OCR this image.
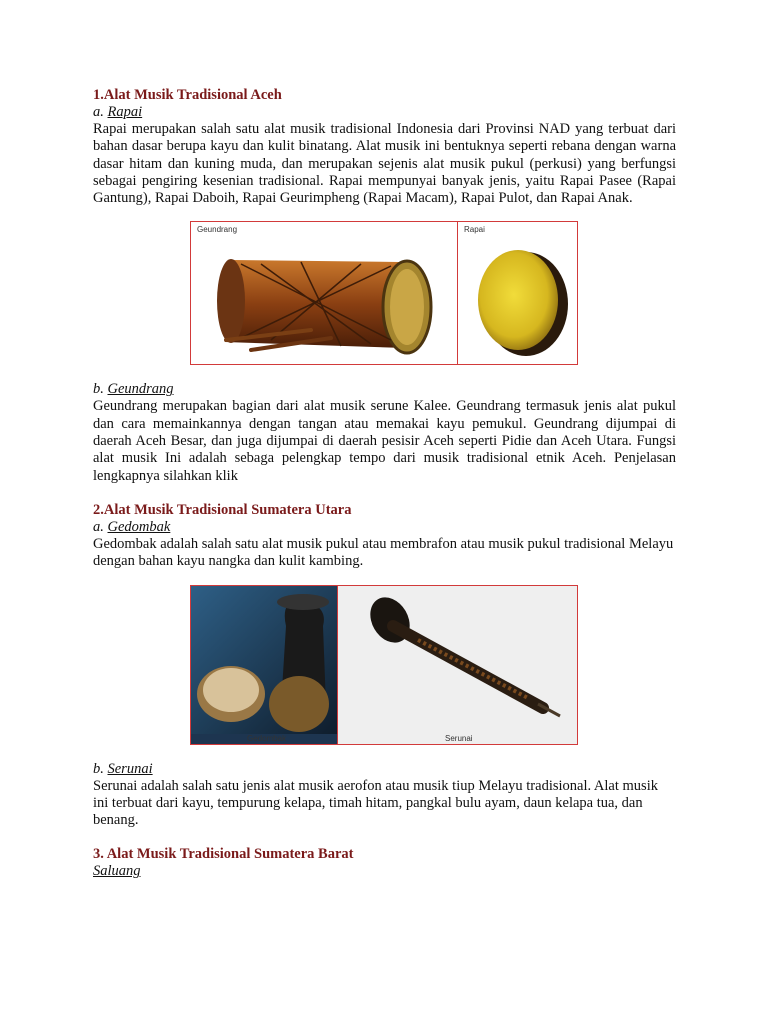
1.Alat Musik Tradisional Aceh

a. Rapai

Rapai merupakan salah satu alat musik tradisional Indonesia dari Provinsi NAD yang terbuat dari bahan dasar berupa kayu dan kulit binatang. Alat musik ini bentuknya seperti rebana dengan warna dasar hitam dan kuning muda, dan merupakan sejenis alat musik pukul (perkusi) yang berfungsi sebagai pengiring kesenian tradisional. Rapai mempunyai banyak jenis, yaitu Rapai Pasee (Rapai Gantung), Rapai Daboih, Rapai Geurimpheng (Rapai Macam), Rapai Pulot, dan Rapai Anak.

Geundrang	Rapai

b. Geundrang

Geundrang merupakan bagian dari alat musik serune Kalee. Geundrang termasuk jenis alat pukul dan cara memainkannya dengan tangan atau memakai kayu pemukul. Geundrang dijumpai di daerah Aceh Besar, dan juga dijumpai di daerah pesisir Aceh seperti Pidie dan Aceh Utara. Fungsi alat musik Ini adalah sebaga pelengkap tempo dari musik tradisional etnik Aceh. Penjelasan lengkapnya silahkan klik

2.Alat Musik Tradisional Sumatera Utara

a. Gedombak

Gedombak adalah salah satu alat musik pukul atau membrafon atau musik pukul tradisional Melayu dengan bahan kayu nangka dan kulit kambing.

Gedombak	Serunai

b. Serunai

Serunai adalah salah satu jenis alat musik aerofon atau musik tiup Melayu tradisional. Alat musik ini terbuat dari kayu, tempurung kelapa, timah hitam, pangkal bulu ayam, daun kelapa tua, dan benang.

3. Alat Musik Tradisional Sumatera Barat

Saluang
